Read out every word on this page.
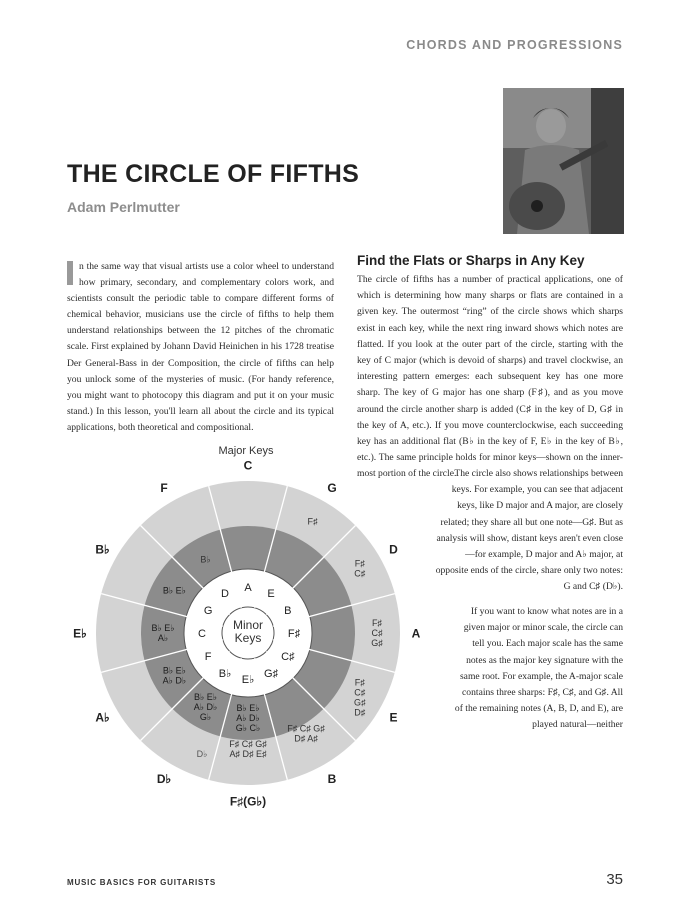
CHORDS AND PROGRESSIONS
THE CIRCLE OF FIFTHS
Adam Perlmutter
n the same way that visual artists use a color wheel to understand how primary, secondary, and complementary colors work, and scientists consult the periodic table to compare different forms of chemical behavior, musicians use the circle of fifths to help them understand relationships between the 12 pitches of the chromatic scale. First explained by Johann David Heinichen in his 1728 treatise Der General-Bass in der Composition, the circle of fifths can help you unlock some of the mysteries of music. (For handy reference, you might want to photocopy this diagram and put it on your music stand.) In this lesson, you'll learn all about the circle and its typical applications, both theoretical and compositional.
Find the Flats or Sharps in Any Key
The circle of fifths has a number of practical applications, one of which is determining how many sharps or flats are contained in a given key. The outermost “ring” of the circle shows which sharps exist in each key, while the next ring inward shows which notes are flatted. If you look at the outer part of the circle, starting with the key of C major (which is devoid of sharps) and travel clockwise, an interesting pattern emerges: each subsequent key has one more sharp. The key of G major has one sharp (F♯), and as you move around the circle another sharp is added (C♯ in the key of D, G♯ in the key of A, etc.). If you move counterclockwise, each succeeding key has an additional flat (B♭ in the key of F, E♭ in the key of B♭, etc.). The same principle holds for minor keys—shown on the inner-most portion of the circle.
The circle also shows relationships between keys. For example, you can see that adjacent keys, like D major and A major, are closely related; they share all but one note—G♯. But as analysis will show, distant keys aren't even close—for example, D major and A♭ major, at opposite ends of the circle, share only two notes: G and C♯ (D♭).
If you want to know what notes are in a given major or minor scale, the circle can tell you. Each major scale has the same notes as the major key signature with the same root. For example, the A-major scale contains three sharps: F♯, C♯, and G♯. All of the remaining notes (A, B, D, and E), are played natural—neither
Major Keys
C
G
D
A
E
B
F♯(G♭)
D♭
A♭
E♭
B♭
F
A
E
B
F♯
C♯
G♯
E♭
B♭
F
C
G
D
F♯
F♯
C♯
F♯
C♯
G♯
F♯
C♯
G♯
D♯
F♯ C♯ G♯
D♯ A♯
F♯ C♯ G♯
A♯ D♯ E♯
B♭
B♭ E♭
B♭ E♭
A♭
B♭ E♭
A♭ D♭
B♭ E♭
A♭ D♭
G♭
B♭ E♭
A♭ D♭
G♭ C♭
D♭
Minor
Keys
MUSIC BASICS FOR GUITARISTS	35
